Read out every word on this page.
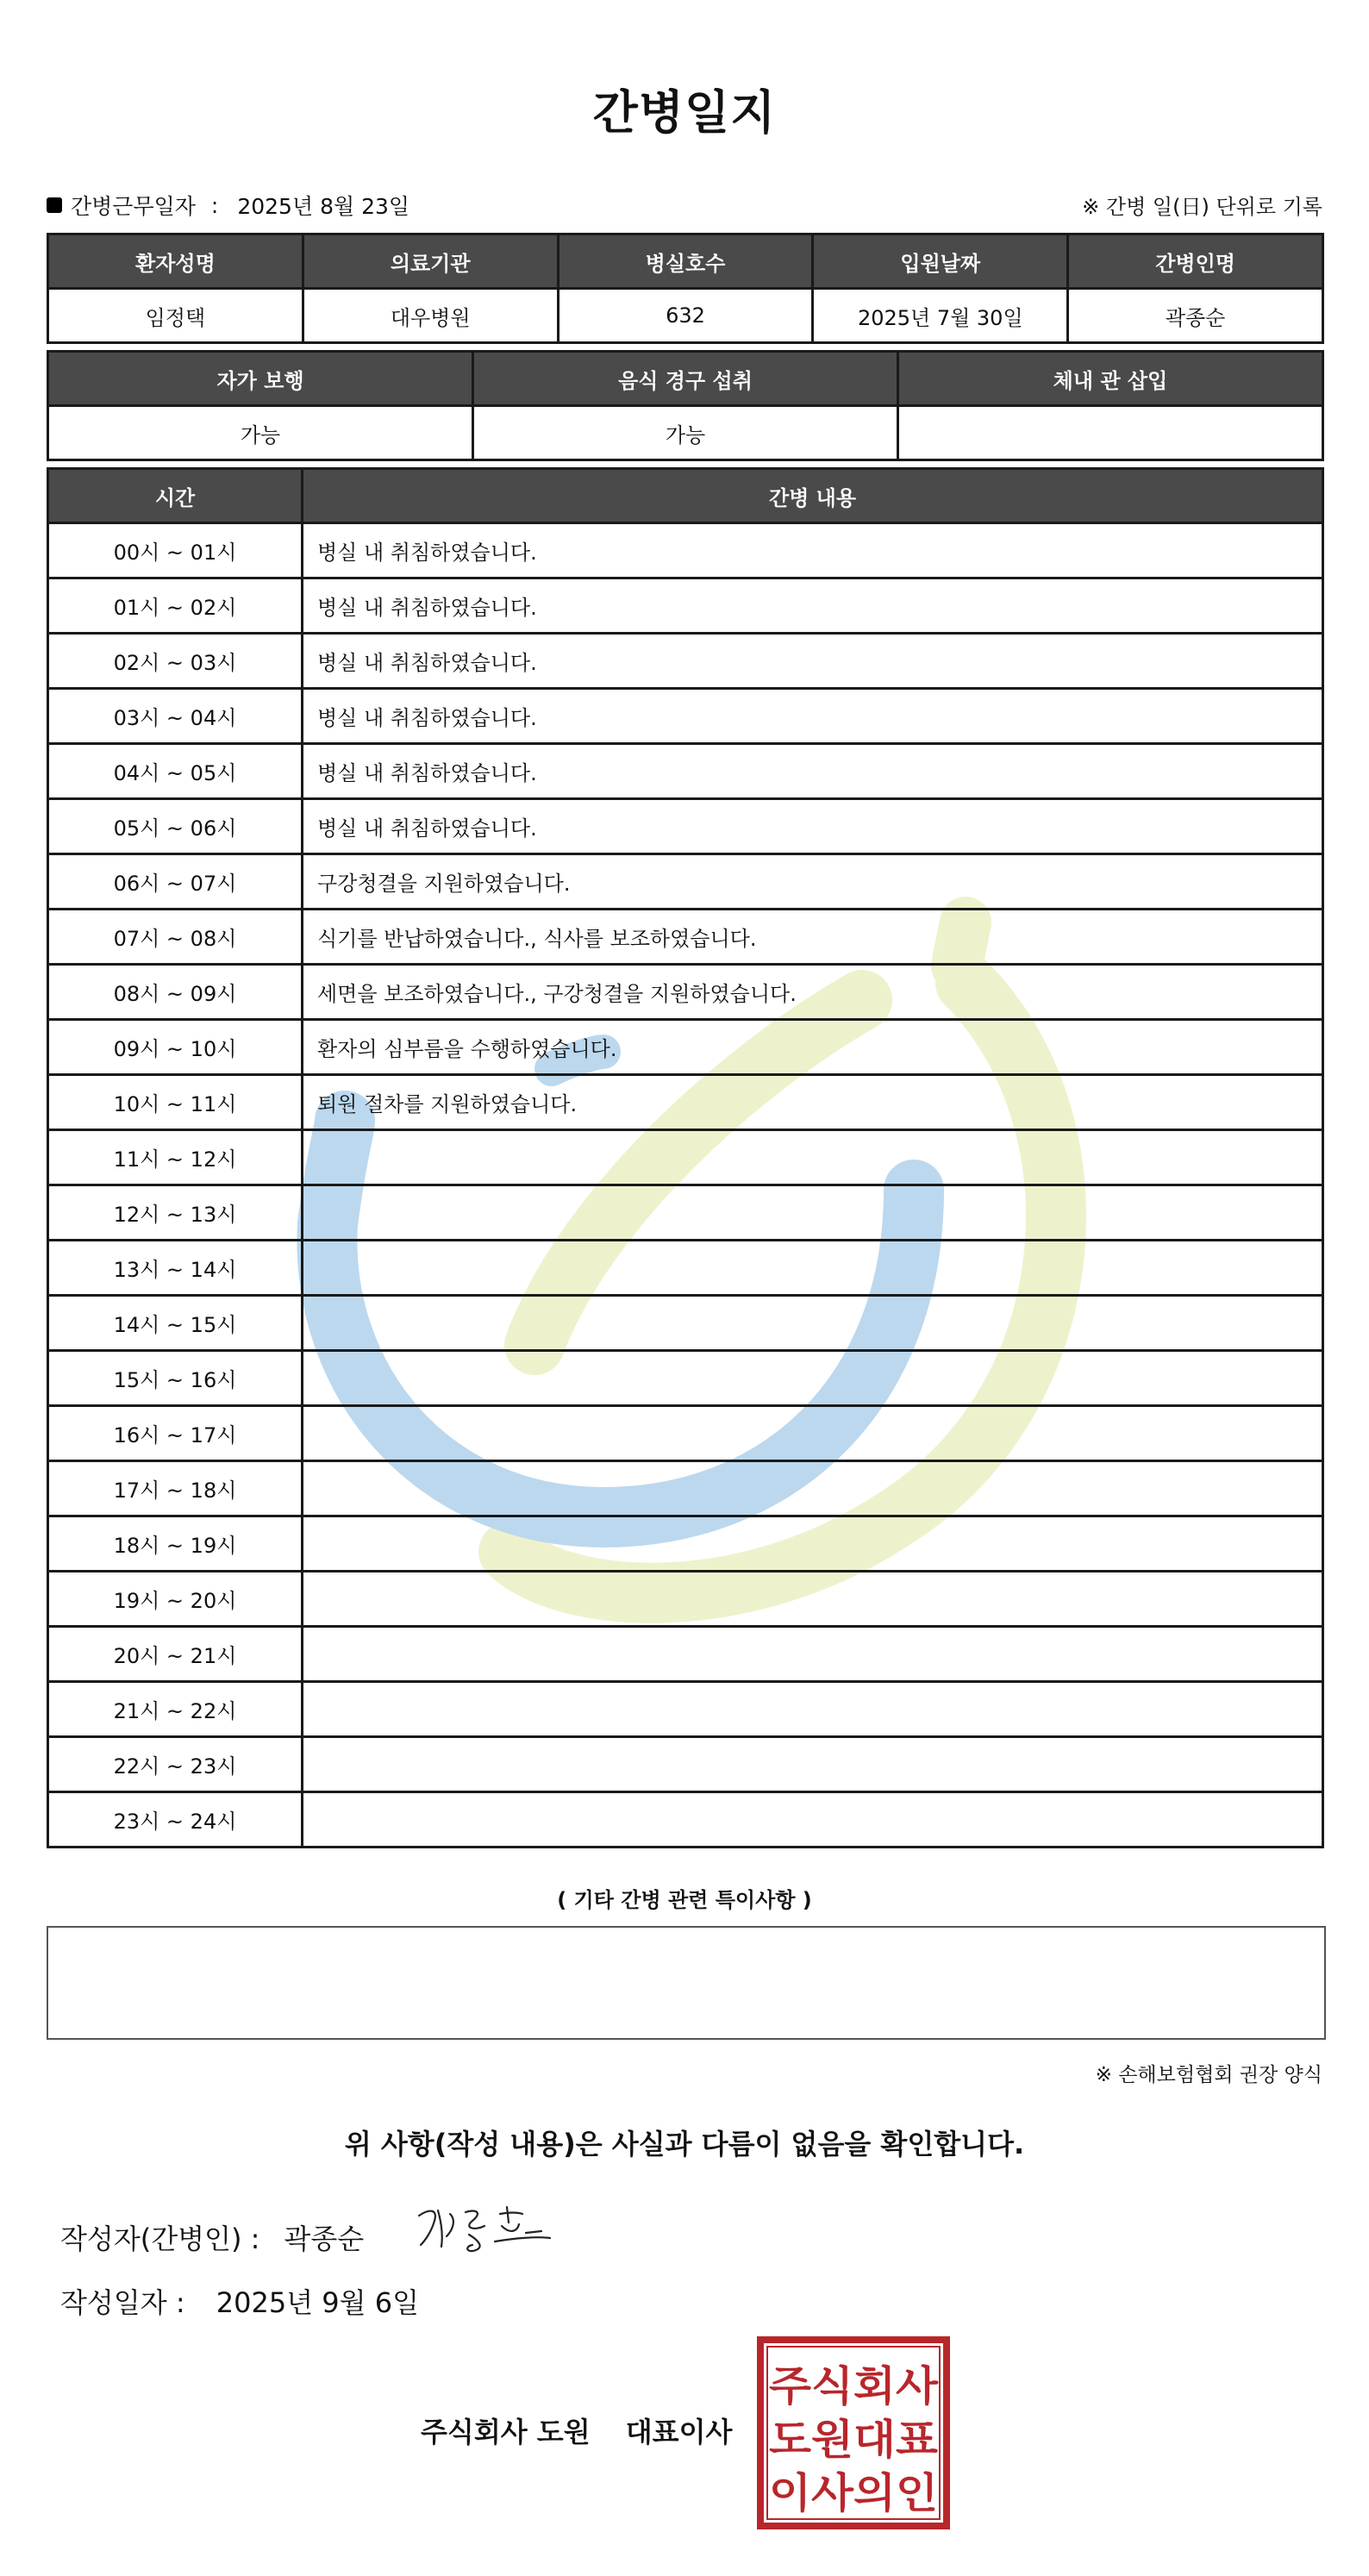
간병일지
간병근무일자 : 2025년 8월 23일	※ 간병 일(日) 단위로 기록
환자성명	의료기관	병실호수	입원날짜	간병인명
임정택	대우병원	632	2025년 7월 30일	곽종순
자가 보행	음식 경구 섭취	체내 관 삽입
가능	가능	
시간	간병 내용
00시 ~ 01시	병실 내 취침하였습니다.
01시 ~ 02시	병실 내 취침하였습니다.
02시 ~ 03시	병실 내 취침하였습니다.
03시 ~ 04시	병실 내 취침하였습니다.
04시 ~ 05시	병실 내 취침하였습니다.
05시 ~ 06시	병실 내 취침하였습니다.
06시 ~ 07시	구강청결을 지원하였습니다.
07시 ~ 08시	식기를 반납하였습니다., 식사를 보조하였습니다.
08시 ~ 09시	세면을 보조하였습니다., 구강청결을 지원하였습니다.
09시 ~ 10시	환자의 심부름을 수행하였습니다.
10시 ~ 11시	퇴원 절차를 지원하였습니다.
11시 ~ 12시	
12시 ~ 13시	
13시 ~ 14시	
14시 ~ 15시	
15시 ~ 16시	
16시 ~ 17시	
17시 ~ 18시	
18시 ~ 19시	
19시 ~ 20시	
20시 ~ 21시	
21시 ~ 22시	
22시 ~ 23시	
23시 ~ 24시	
( 기타 간병 관련 특이사항 )
※ 손해보험협회 권장 양식
위 사항(작성 내용)은 사실과 다름이 없음을 확인합니다.
작성자(간병인) : 곽종순
작성일자 : 2025년 9월 6일
주식회사 도원 대표이사
주식회사
도원대표
이사의인
